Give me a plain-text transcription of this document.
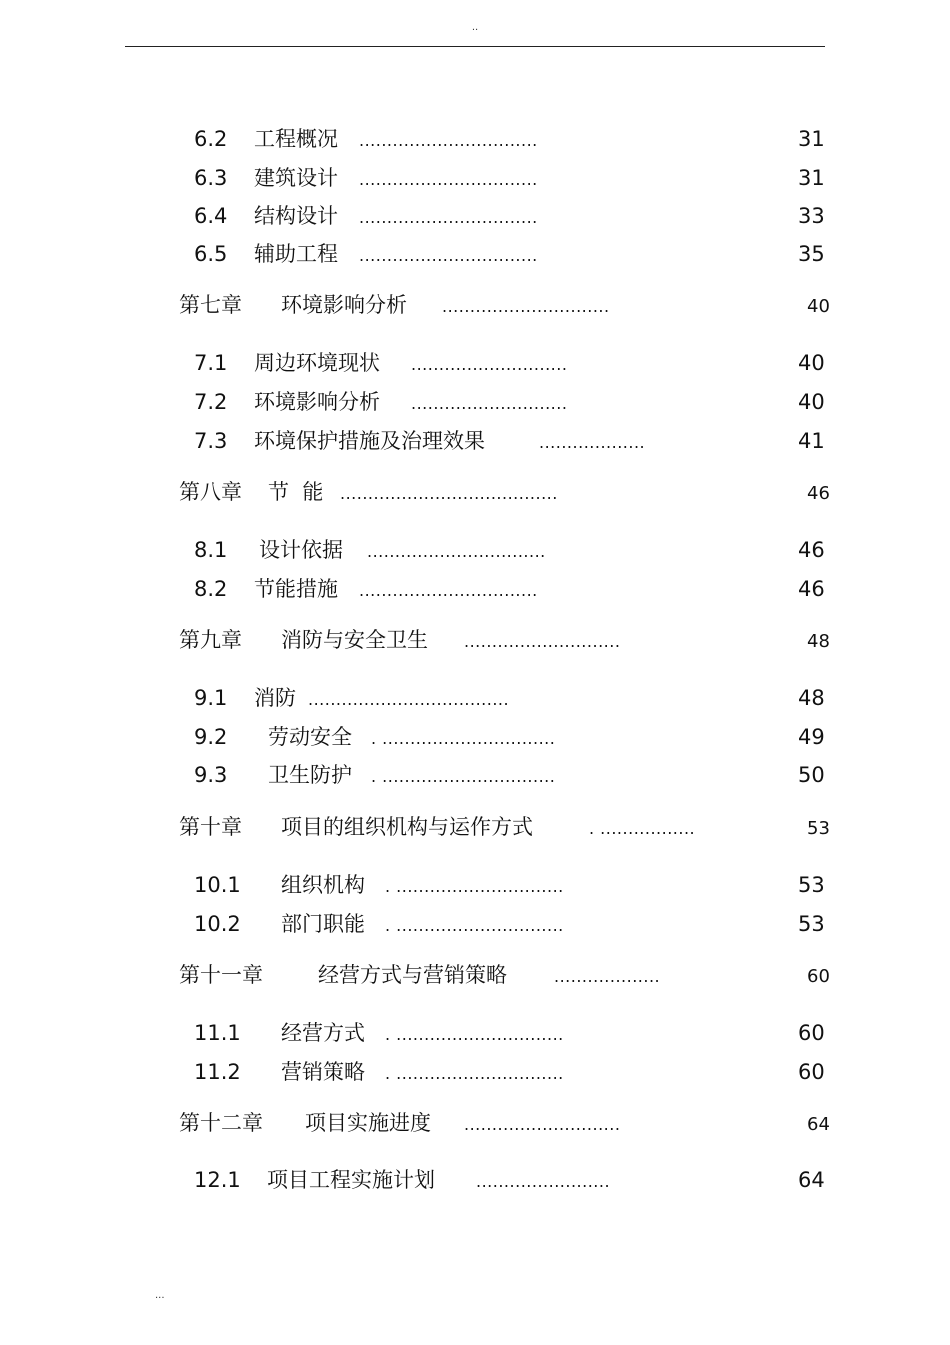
..
6.2 工程概况 ................................	31
6.3 建筑设计 ................................	31
6.4 结构设计 ................................	33
6.5 辅助工程 ................................	35
第七章 环境影响分析 ..............................	40
7.1 周边环境现状 ............................	40
7.2 环境影响分析 ............................	40
7.3 环境保护措施及治理效果	...................	41
第八章 节  能 .......................................	46
8.1 设计依据 ................................	46
8.2 节能措施 ................................	46
第九章 消防与安全卫生 ............................	48
9.1 消防 ....................................	48
9.2 劳动安全 . ...............................	49
9.3 卫生防护 . ...............................	50
第十章 项目的组织机构与运作方式	. .................	53
10.1 组织机构 . ..............................	53
10.2 部门职能 . ..............................	53
第十一章	经营方式与营销策略	...................	60
11.1 经营方式 . ..............................	60
11.2 营销策略 . ..............................	60
第十二章 项目实施进度 ............................	64
12.1 项目工程实施计划	........................	64
...
